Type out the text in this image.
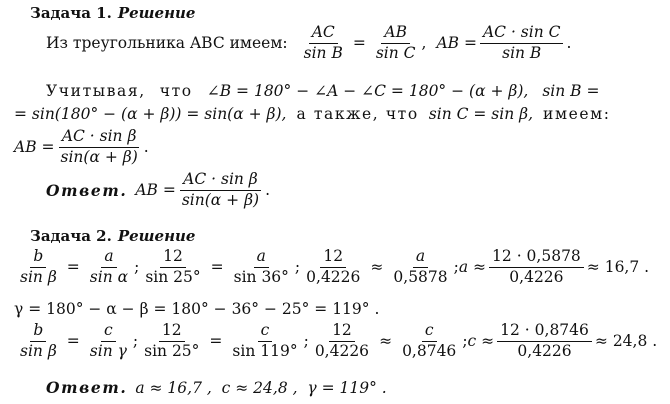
Задача 1. Решение
Из треугольника ABC имеем: $\frac{AC}{\text{sin B}} = \frac{AB}{\text{sin C}}$ , AB = $\frac{\text{AC · sin C}}{\text{sin B}}$ .
Учитывая, что ∠B = 180° − ∠A − ∠C = 180° − (α + β), sin B =
= sin(180° − (α + β)) = sin(α + β), а также, что sin C = sin β, имеем:
AB = $\frac{\text{AC · sin β}}{\sin(\alpha + \beta)}$ .
Ответ. AB = $\frac{\text{AC · sin β}}{\sin(\alpha + \beta)}$ .
Задача 2. Решение
$\frac{b}{\text{sin β}} = \frac{a}{\text{sin α}}$ ; $\frac{12}{\sin 25^\circ} = \frac{a}{\sin 36^\circ}$ ; $\frac{12}{0,4226} \approx \frac{a}{0,5878}$ ; $a \approx \frac{12 \cdot 0,5878}{0,4226} \approx 16,7$ .
γ = 180° − α − β = 180° − 36° − 25° = 119° .
$\frac{b}{\text{sin β}} = \frac{c}{\text{sin γ}}$ ; $\frac{12}{\sin 25^\circ} = \frac{c}{\sin 119^\circ}$ ; $\frac{12}{0,4226} \approx \frac{c}{0,8746}$ ; $c \approx \frac{12 \cdot 0,8746}{0,4226} \approx 24,8$ .
Ответ. a ≈ 16,7 ,  c ≈ 24,8 ,  γ = 119° .
